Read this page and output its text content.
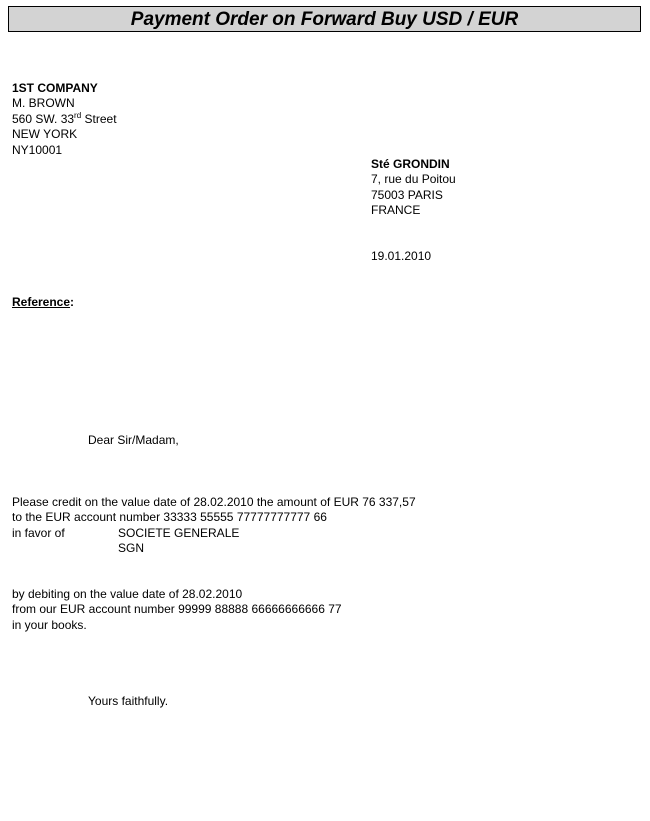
Payment Order on Forward Buy USD / EUR
1ST COMPANY
M. BROWN
560 SW. 33rd Street
NEW YORK
NY10001
Sté GRONDIN
7, rue du Poitou
75003 PARIS
FRANCE
19.01.2010
Reference:
Dear Sir/Madam,
Please credit on the value date of 28.02.2010 the amount of EUR 76 337,57
to the EUR account number 33333 55555 77777777777 66
in favor of	SOCIETE GENERALE
SGN
by debiting on the value date of 28.02.2010
from our EUR account number 99999 88888 66666666666 77
in your books.
Yours faithfully.
